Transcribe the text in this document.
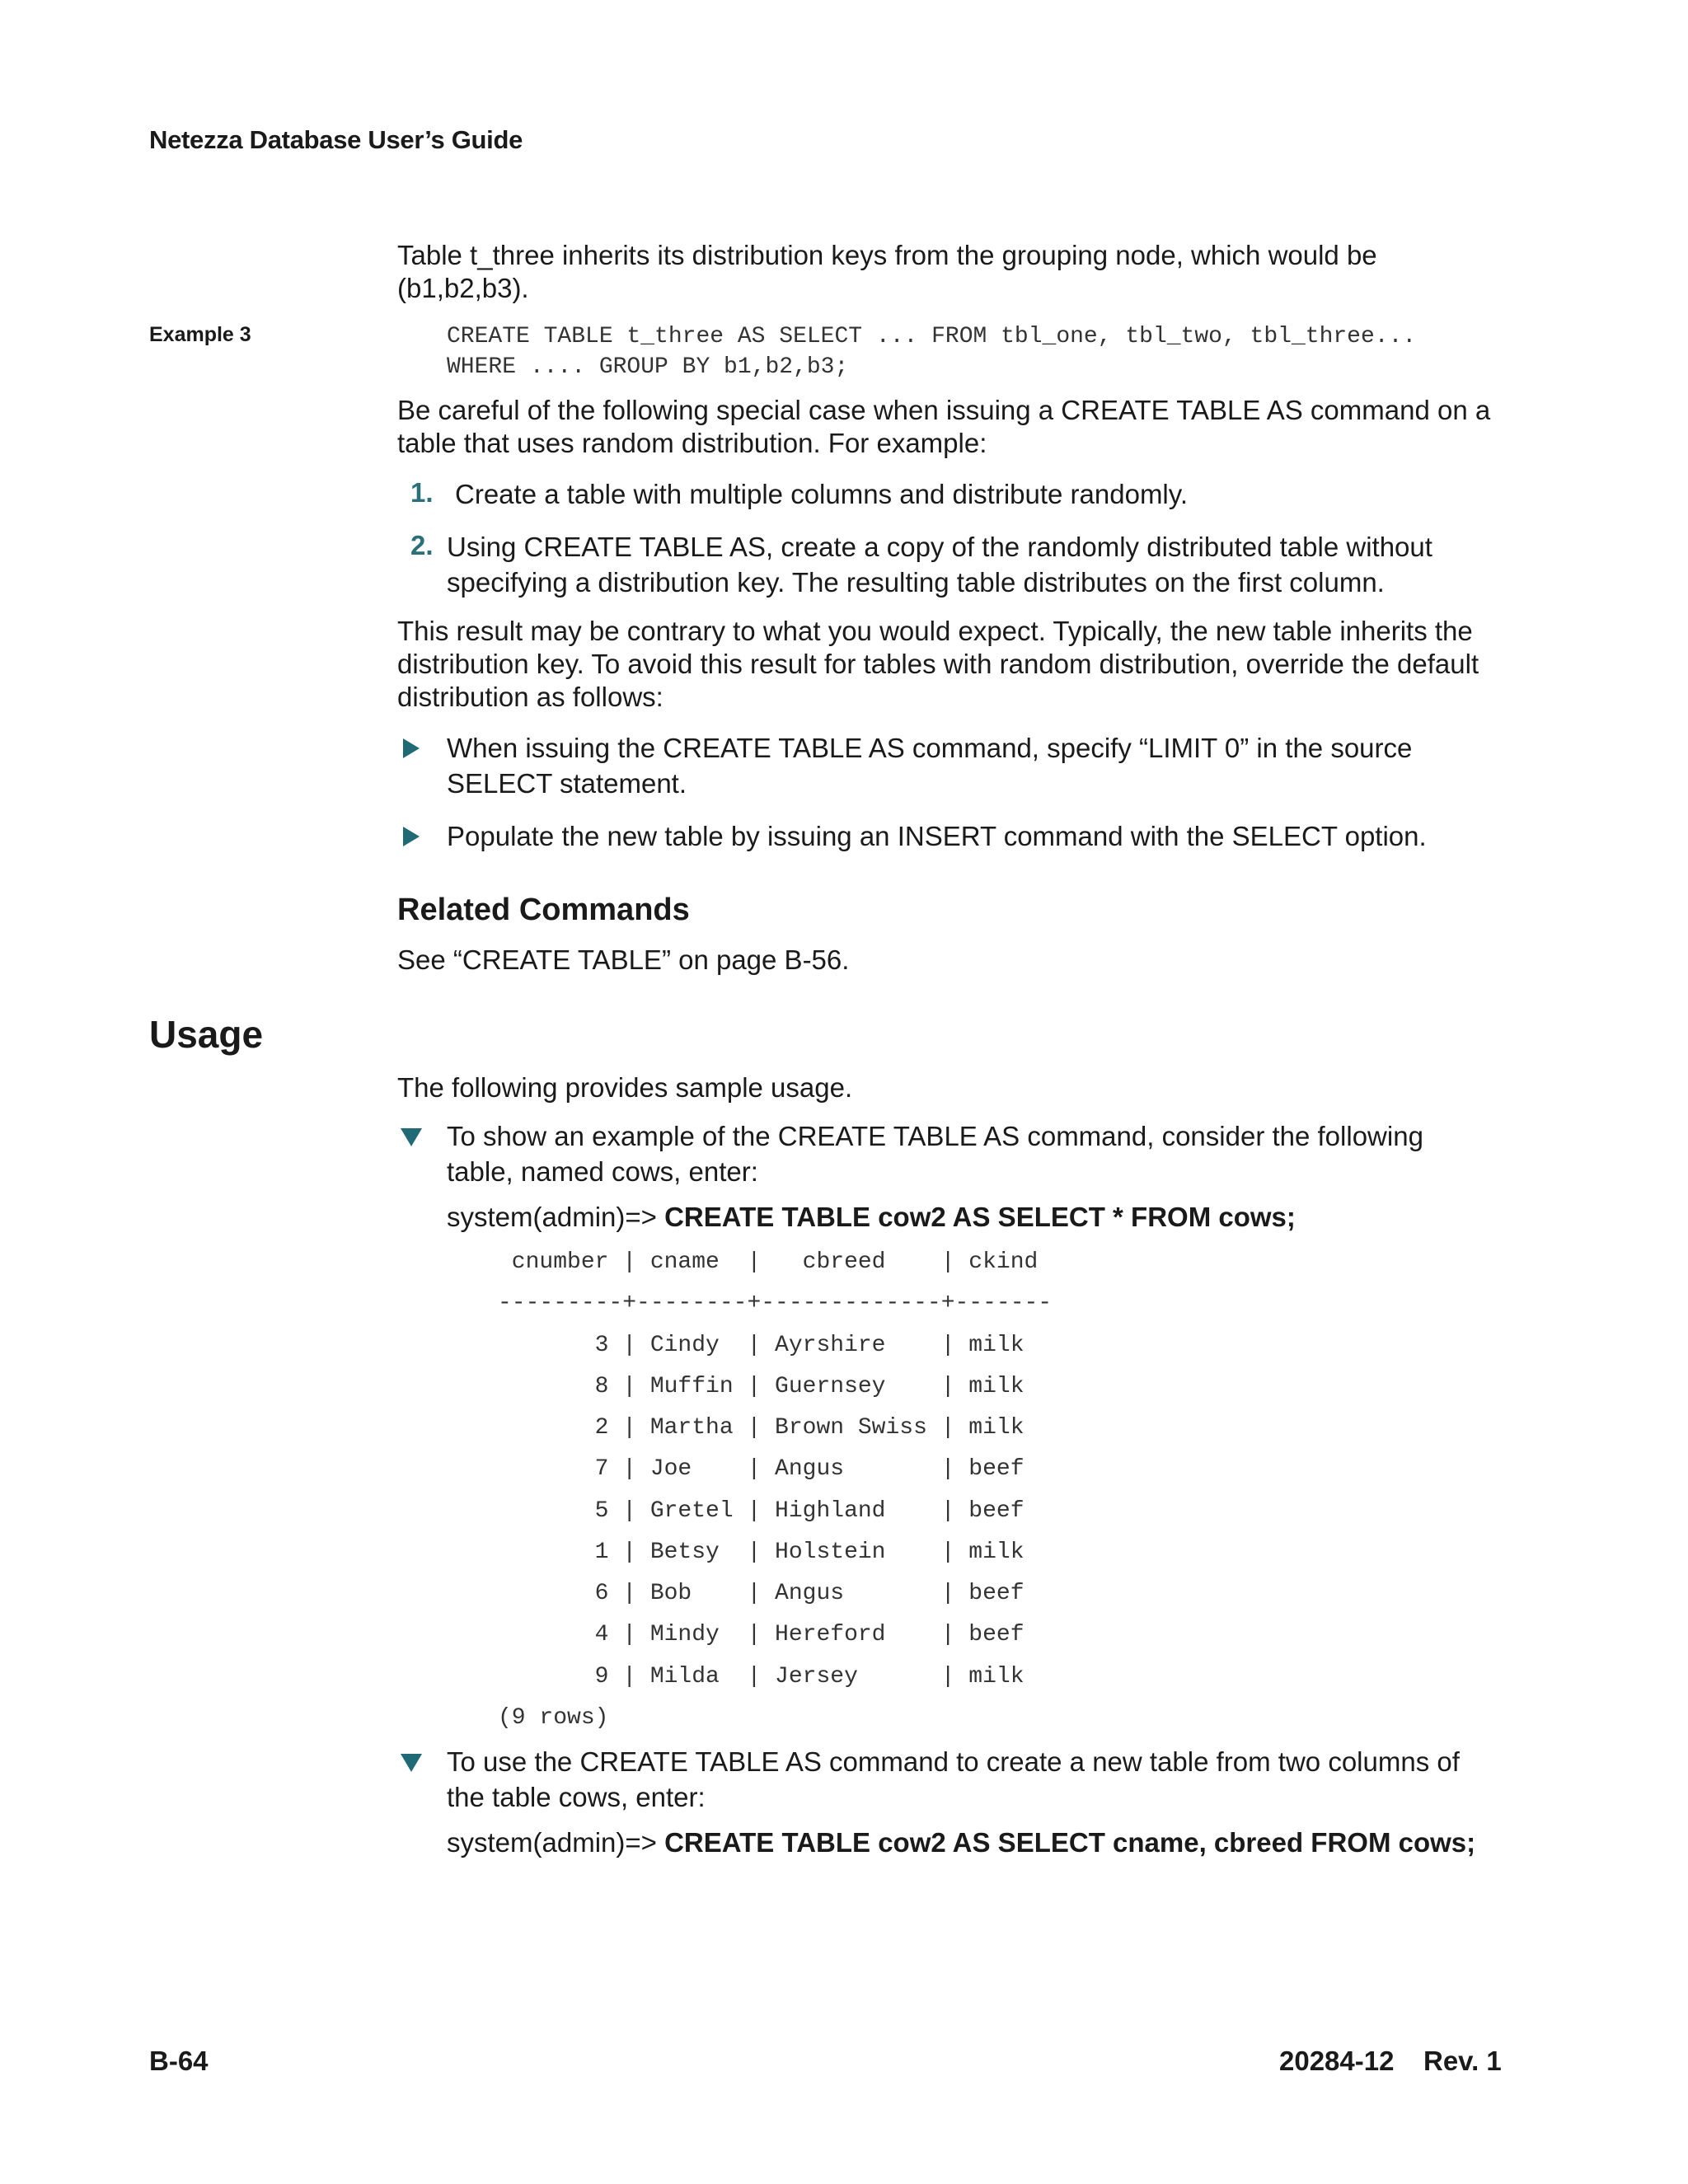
Netezza Database User’s Guide
Table t_three inherits its distribution keys from the grouping node, which would be (b1,b2,b3).
Example 3	CREATE TABLE t_three AS SELECT ... FROM tbl_one, tbl_two, tbl_three...
WHERE .... GROUP BY b1,b2,b3;
Be careful of the following special case when issuing a CREATE TABLE AS command on a table that uses random distribution. For example:
1. Create a table with multiple columns and distribute randomly.
2. Using CREATE TABLE AS, create a copy of the randomly distributed table without specifying a distribution key. The resulting table distributes on the first column.
This result may be contrary to what you would expect. Typically, the new table inherits the distribution key. To avoid this result for tables with random distribution, override the default distribution as follows:
When issuing the CREATE TABLE AS command, specify “LIMIT 0” in the source SELECT statement.
Populate the new table by issuing an INSERT command with the SELECT option.
Related Commands
See “CREATE TABLE” on page B-56.
Usage
The following provides sample usage.
To show an example of the CREATE TABLE AS command, consider the following table, named cows, enter:
system(admin)=> CREATE TABLE cow2 AS SELECT * FROM cows;
cnumber | cname  |   cbreed    | ckind
---------+--------+-------------+-------
3 | Cindy  | Ayrshire    | milk
8 | Muffin | Guernsey    | milk
2 | Martha | Brown Swiss | milk
7 | Joe    | Angus       | beef
5 | Gretel | Highland    | beef
1 | Betsy  | Holstein    | milk
6 | Bob    | Angus       | beef
4 | Mindy  | Hereford    | beef
9 | Milda  | Jersey      | milk
(9 rows)
To use the CREATE TABLE AS command to create a new table from two columns of the table cows, enter:
system(admin)=> CREATE TABLE cow2 AS SELECT cname, cbreed FROM cows;
B-64	20284-12 Rev. 1
